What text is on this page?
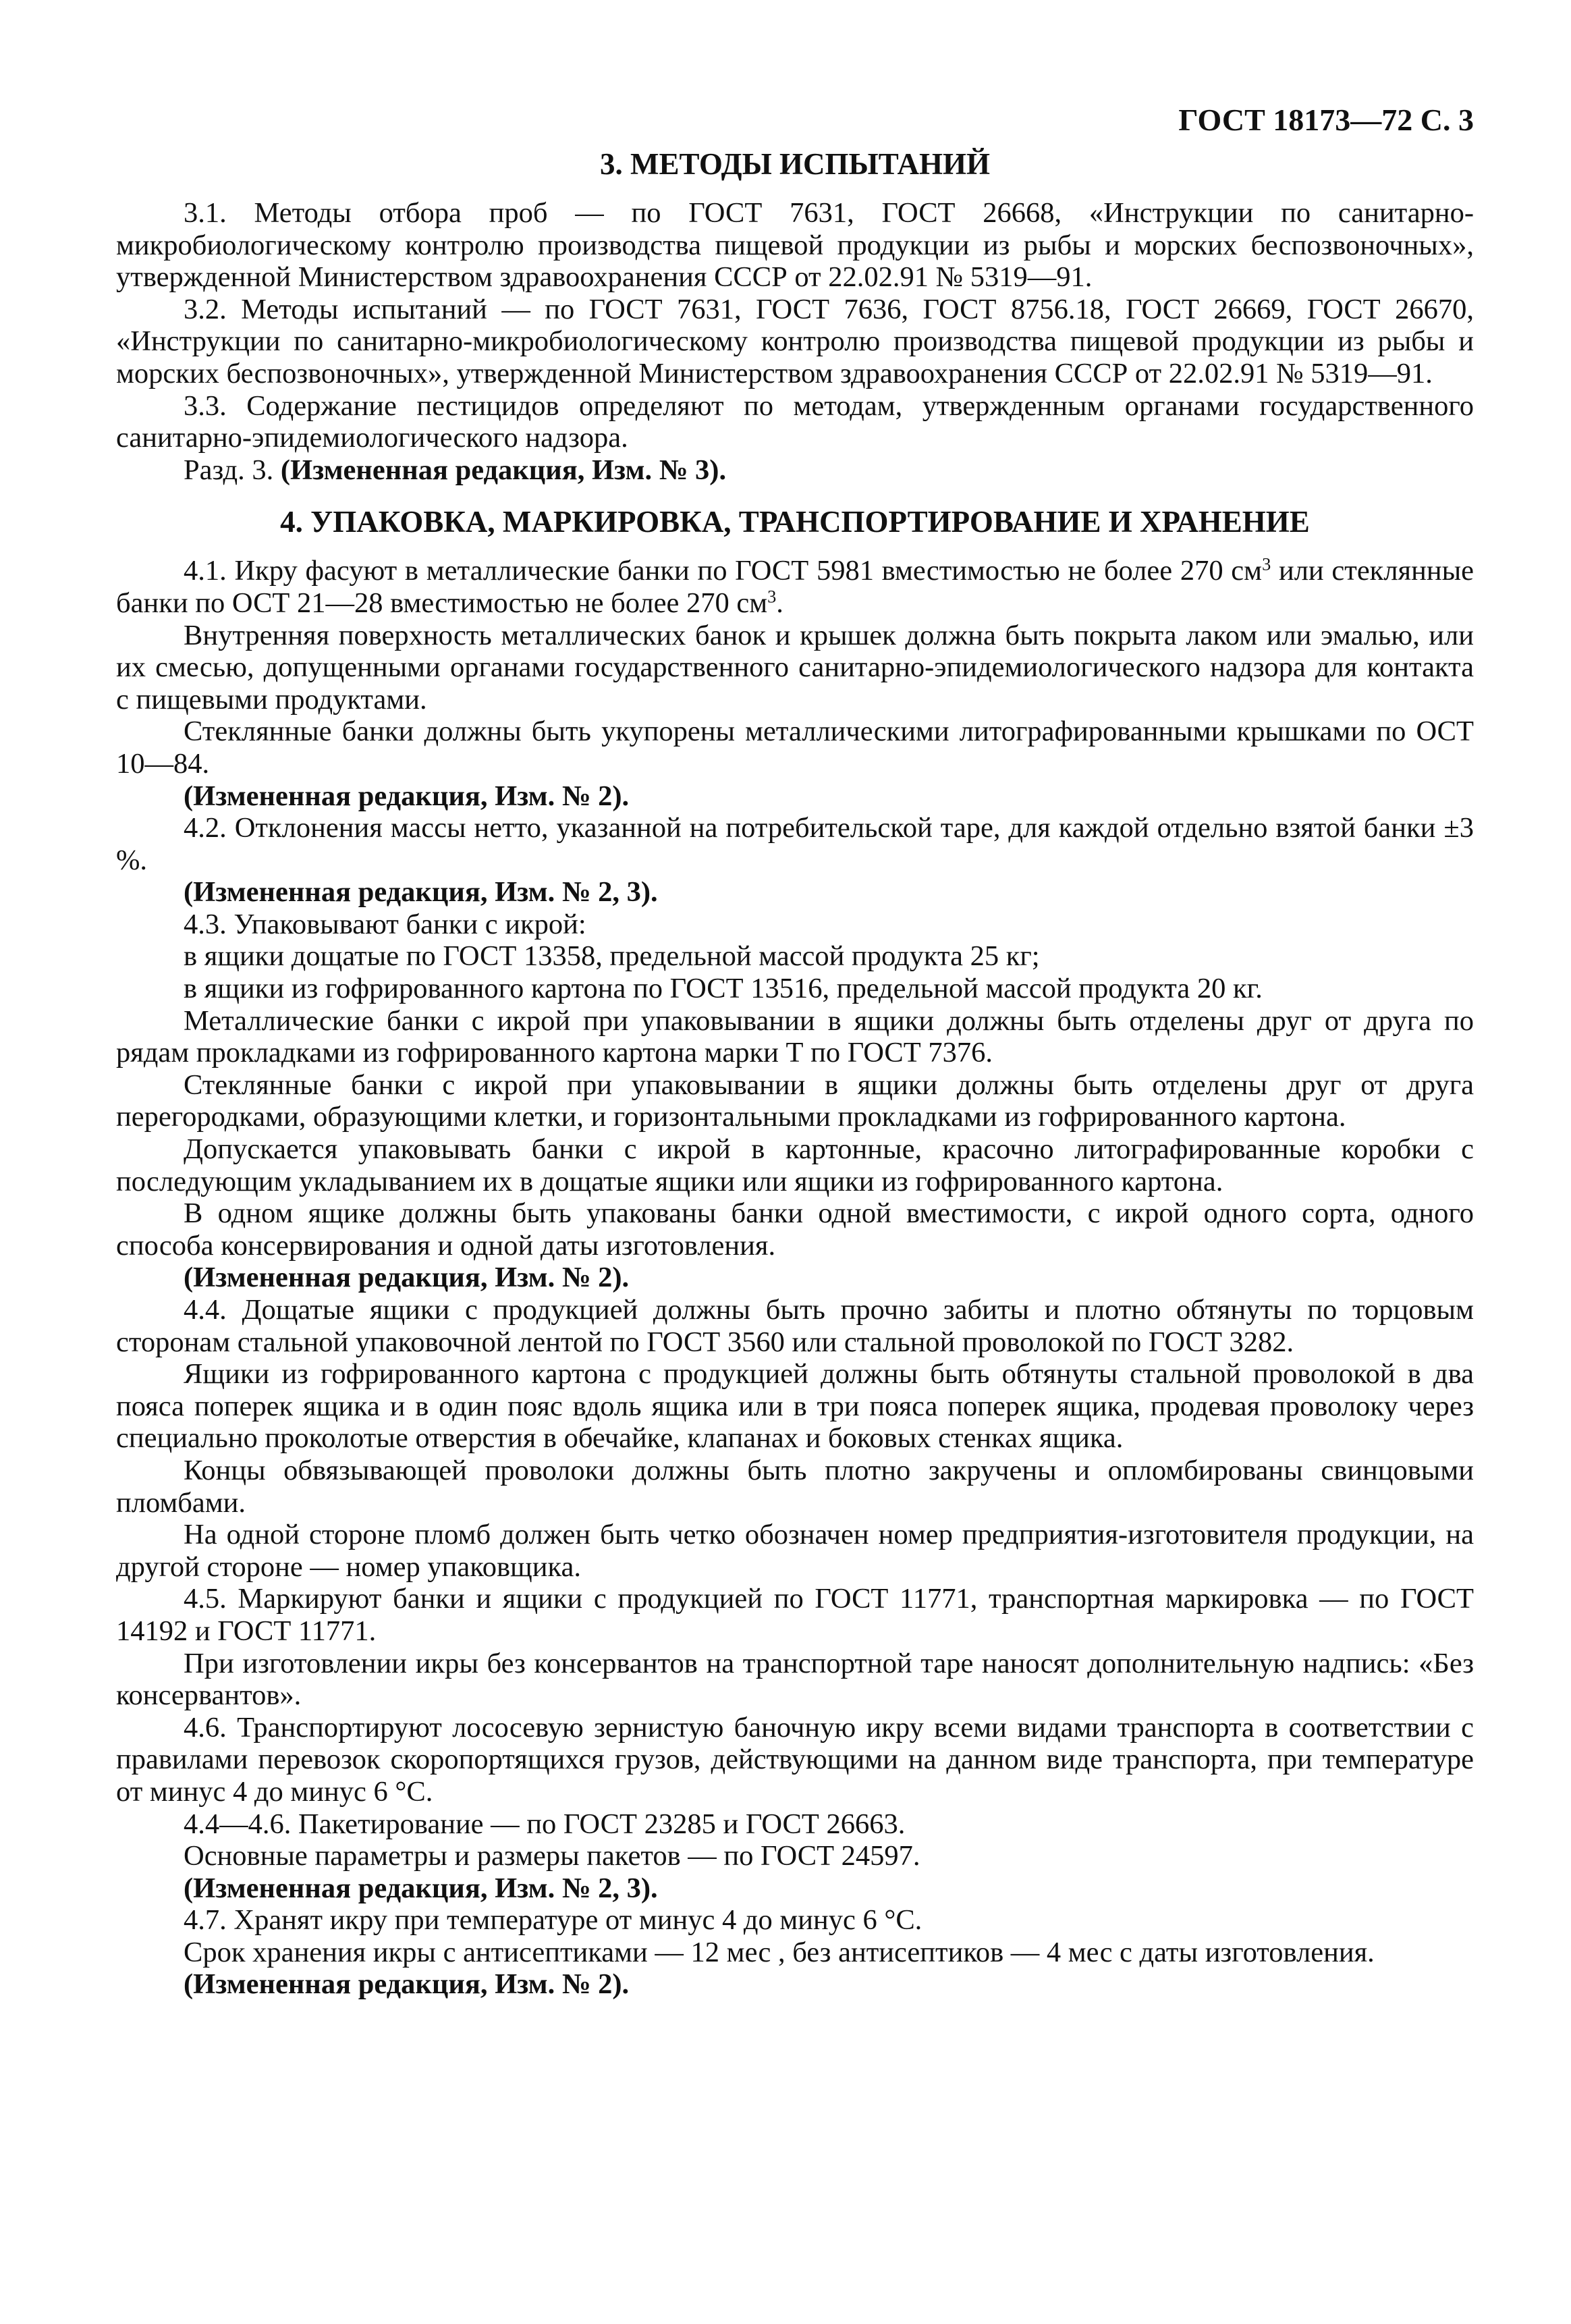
ГОСТ 18173—72 С. 3
3. МЕТОДЫ ИСПЫТАНИЙ

3.1. Методы отбора проб — по ГОСТ 7631, ГОСТ 26668, «Инструкции по санитарно-микробиологическому контролю производства пищевой продукции из рыбы и морских беспозвоночных», утвержденной Министерством здравоохранения СССР от 22.02.91 № 5319—91.

3.2. Методы испытаний — по ГОСТ 7631, ГОСТ 7636, ГОСТ 8756.18, ГОСТ 26669, ГОСТ 26670, «Инструкции по санитарно-микробиологическому контролю производства пищевой продукции из рыбы и морских беспозвоночных», утвержденной Министерством здравоохранения СССР от 22.02.91 № 5319—91.

3.3. Содержание пестицидов определяют по методам, утвержденным органами государственного санитарно-эпидемиологического надзора.

Разд. 3. (Измененная редакция, Изм. № 3).

4. УПАКОВКА, МАРКИРОВКА, ТРАНСПОРТИРОВАНИЕ И ХРАНЕНИЕ

4.1. Икру фасуют в металлические банки по ГОСТ 5981 вместимостью не более 270 $см^3$ или стеклянные банки по ОСТ 21—28 вместимостью не более 270 $см^3$.

Внутренняя поверхность металлических банок и крышек должна быть покрыта лаком или эмалью, или их смесью, допущенными органами государственного санитарно-эпидемиологического надзора для контакта с пищевыми продуктами.

Стеклянные банки должны быть укупорены металлическими литографированными крышками по ОСТ 10—84.

(Измененная редакция, Изм. № 2).

4.2. Отклонения массы нетто, указанной на потребительской таре, для каждой отдельно взятой банки ±3 %.

(Измененная редакция, Изм. № 2, 3).

4.3. Упаковывают банки с икрой:

в ящики дощатые по ГОСТ 13358, предельной массой продукта 25 кг;

в ящики из гофрированного картона по ГОСТ 13516, предельной массой продукта 20 кг.

Металлические банки с икрой при упаковывании в ящики должны быть отделены друг от друга по рядам прокладками из гофрированного картона марки Т по ГОСТ 7376.

Стеклянные банки с икрой при упаковывании в ящики должны быть отделены друг от друга перегородками, образующими клетки, и горизонтальными прокладками из гофрированного картона.

Допускается упаковывать банки с икрой в картонные, красочно литографированные коробки с последующим укладыванием их в дощатые ящики или ящики из гофрированного картона.

В одном ящике должны быть упакованы банки одной вместимости, с икрой одного сорта, одного способа консервирования и одной даты изготовления.

(Измененная редакция, Изм. № 2).

4.4. Дощатые ящики с продукцией должны быть прочно забиты и плотно обтянуты по торцовым сторонам стальной упаковочной лентой по ГОСТ 3560 или стальной проволокой по ГОСТ 3282.

Ящики из гофрированного картона с продукцией должны быть обтянуты стальной проволокой в два пояса поперек ящика и в один пояс вдоль ящика или в три пояса поперек ящика, продевая проволоку через специально проколотые отверстия в обечайке, клапанах и боковых стенках ящика.

Концы обвязывающей проволоки должны быть плотно закручены и опломбированы свинцовыми пломбами.

На одной стороне пломб должен быть четко обозначен номер предприятия-изготовителя продукции, на другой стороне — номер упаковщика.

4.5. Маркируют банки и ящики с продукцией по ГОСТ 11771, транспортная маркировка — по ГОСТ 14192 и ГОСТ 11771.

При изготовлении икры без консервантов на транспортной таре наносят дополнительную надпись: «Без консервантов».

4.6. Транспортируют лососевую зернистую баночную икру всеми видами транспорта в соответствии с правилами перевозок скоропортящихся грузов, действующими на данном виде транспорта, при температуре от минус 4 до минус 6 °С.

4.4—4.6. Пакетирование — по ГОСТ 23285 и ГОСТ 26663.

Основные параметры и размеры пакетов — по ГОСТ 24597.

(Измененная редакция, Изм. № 2, 3).

4.7. Хранят икру при температуре от минус 4 до минус 6 °С.

Срок хранения икры с антисептиками — 12 мес , без антисептиков — 4 мес с даты изготовления.

(Измененная редакция, Изм. № 2).
